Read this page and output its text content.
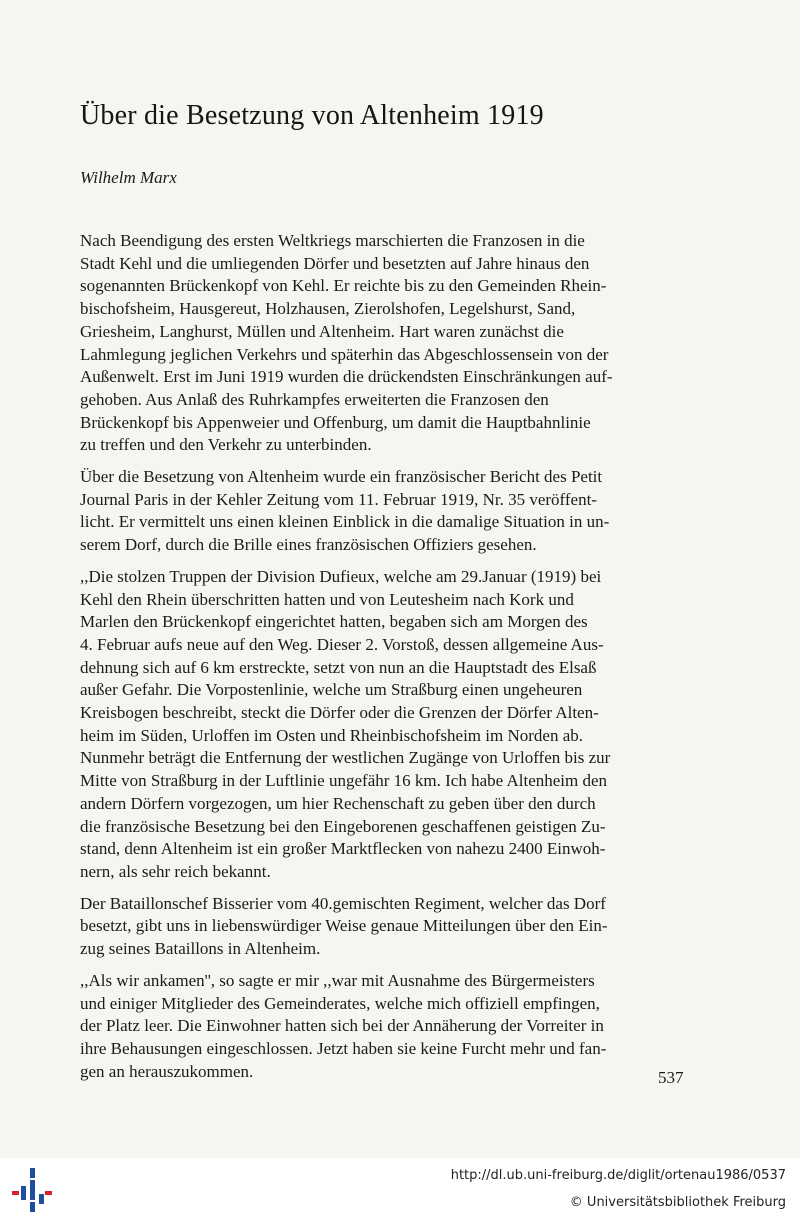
Über die Besetzung von Altenheim 1919
Wilhelm Marx

Nach Beendigung des ersten Weltkriegs marschierten die Franzosen in die
Stadt Kehl und die umliegenden Dörfer und besetzten auf Jahre hinaus den
sogenannten Brückenkopf von Kehl. Er reichte bis zu den Gemeinden Rhein-
bischofsheim, Hausgereut, Holzhausen, Zierolshofen, Legelshurst, Sand,
Griesheim, Langhurst, Müllen und Altenheim. Hart waren zunächst die
Lahmlegung jeglichen Verkehrs und späterhin das Abgeschlossensein von der
Außenwelt. Erst im Juni 1919 wurden die drückendsten Einschränkungen auf-
gehoben. Aus Anlaß des Ruhrkampfes erweiterten die Franzosen den
Brückenkopf bis Appenweier und Offenburg, um damit die Hauptbahnlinie
zu treffen und den Verkehr zu unterbinden.

Über die Besetzung von Altenheim wurde ein französischer Bericht des Petit
Journal Paris in der Kehler Zeitung vom 11. Februar 1919, Nr. 35 veröffent-
licht. Er vermittelt uns einen kleinen Einblick in die damalige Situation in un-
serem Dorf, durch die Brille eines französischen Offiziers gesehen.

,,Die stolzen Truppen der Division Dufieux, welche am 29.Januar (1919) bei
Kehl den Rhein überschritten hatten und von Leutesheim nach Kork und
Marlen den Brückenkopf eingerichtet hatten, begaben sich am Morgen des
4. Februar aufs neue auf den Weg. Dieser 2. Vorstoß, dessen allgemeine Aus-
dehnung sich auf 6 km erstreckte, setzt von nun an die Hauptstadt des Elsaß
außer Gefahr. Die Vorpostenlinie, welche um Straßburg einen ungeheuren
Kreisbogen beschreibt, steckt die Dörfer oder die Grenzen der Dörfer Alten-
heim im Süden, Urloffen im Osten und Rheinbischofsheim im Norden ab.
Nunmehr beträgt die Entfernung der westlichen Zugänge von Urloffen bis zur
Mitte von Straßburg in der Luftlinie ungefähr 16 km. Ich habe Altenheim den
andern Dörfern vorgezogen, um hier Rechenschaft zu geben über den durch
die französische Besetzung bei den Eingeborenen geschaffenen geistigen Zu-
stand, denn Altenheim ist ein großer Marktflecken von nahezu 2400 Einwoh-
nern, als sehr reich bekannt.

Der Bataillonschef Bisserier vom 40.gemischten Regiment, welcher das Dorf
besetzt, gibt uns in liebenswürdiger Weise genaue Mitteilungen über den Ein-
zug seines Bataillons in Altenheim.

,,Als wir ankamen'', so sagte er mir ,,war mit Ausnahme des Bürgermeisters
und einiger Mitglieder des Gemeinderates, welche mich offiziell empfingen,
der Platz leer. Die Einwohner hatten sich bei der Annäherung der Vorreiter in
ihre Behausungen eingeschlossen. Jetzt haben sie keine Furcht mehr und fan-
gen an herauszukommen.	537
http://dl.ub.uni-freiburg.de/diglit/ortenau1986/0537
© Universitätsbibliothek Freiburg
